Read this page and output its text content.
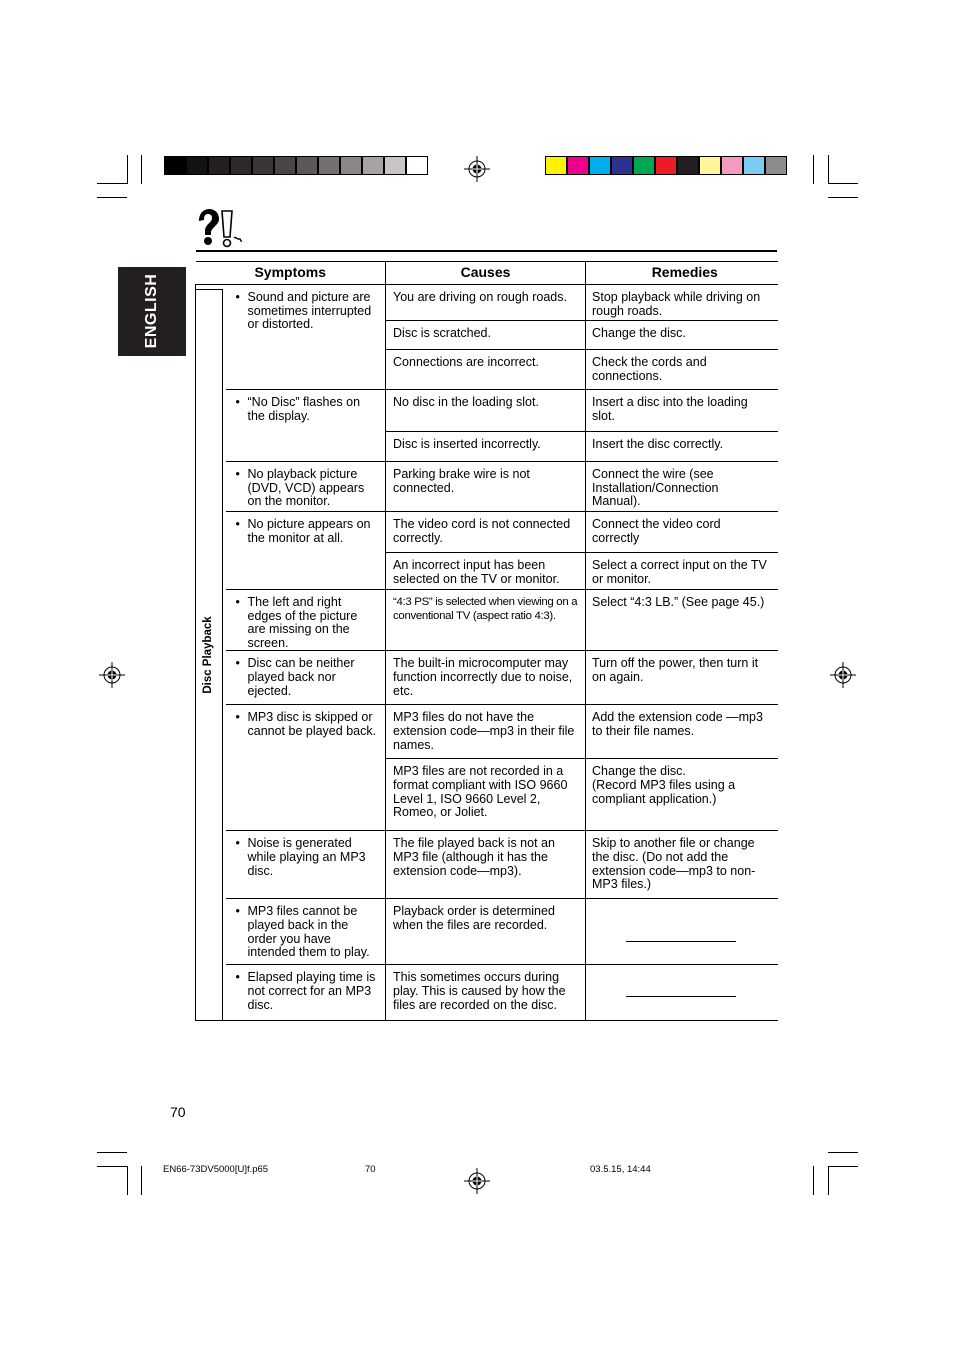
ENGLISH
Symptoms		Causes	Remedies

Disc Playback	• Sound and picture are sometimes interrupted or distorted.	You are driving on rough roads.	Stop playback while driving on rough roads.
		Disc is scratched.	Change the disc.
		Connections are incorrect.	Check the cords and connections.

	• “No Disc” flashes on the display.	No disc in the loading slot.	Insert a disc into the loading slot.
		Disc is inserted incorrectly.	Insert the disc correctly.

	• No playback picture (DVD, VCD) appears on the monitor.	Parking brake wire is not connected.	Connect the wire (see Installation/Connection Manual).

	• No picture appears on the monitor at all.	The video cord is not connected correctly.	Connect the video cord correctly
		An incorrect input has been selected on the TV or monitor.	Select a correct input on the TV or monitor.

	• The left and right edges of the picture are missing on the screen.	“4:3 PS” is selected when viewing on a conventional TV (aspect ratio 4:3).	Select “4:3 LB.” (See page 45.)

	• Disc can be neither played back nor ejected.	The built-in microcomputer may function incorrectly due to noise, etc.	Turn off the power, then turn it on again.

	• MP3 disc is skipped or cannot be played back.	MP3 files do not have the extension code—mp3 in their file names.	Add the extension code —mp3 to their file names.
		MP3 files are not recorded in a format compliant with ISO 9660 Level 1, ISO 9660 Level 2, Romeo, or Joliet.	Change the disc.
(Record MP3 files using a compliant application.)

	• Noise is generated while playing an MP3 disc.	The file played back is not an MP3 file (although it has the extension code—mp3).	Skip to another file or change the disc. (Do not add the extension code—mp3 to non-MP3 files.)

	• MP3 files cannot be played back in the order you have intended them to play.	Playback order is determined when the files are recorded.	

	• Elapsed playing time is not correct for an MP3 disc.	This sometimes occurs during play. This is caused by how the files are recorded on the disc.	
70
EN66-73DV5000[U]f.p65	70	03.5.15, 14:44
